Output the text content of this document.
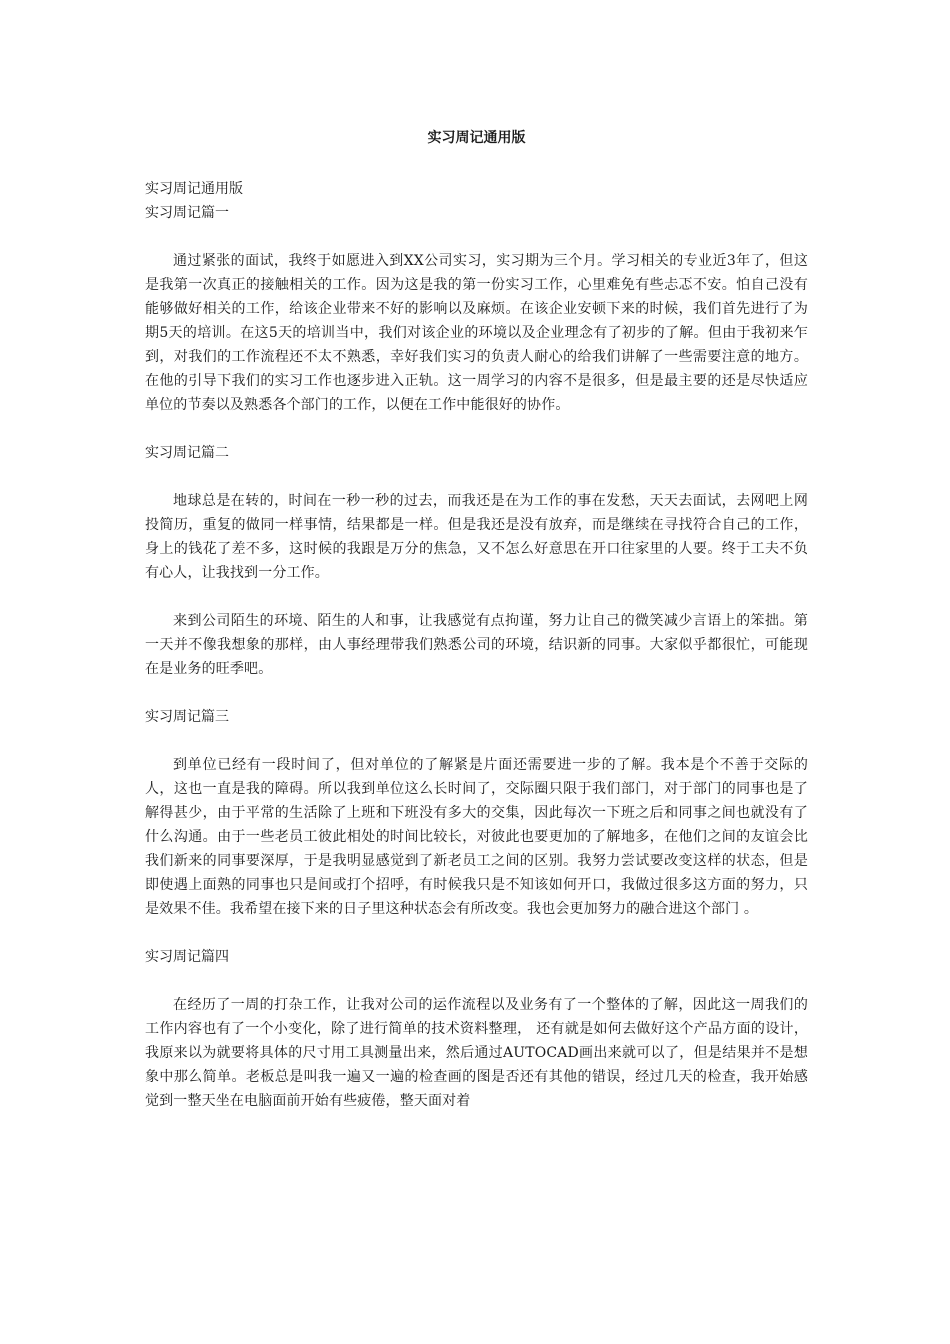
实习周记通用版

实习周记通用版

实习周记篇一

通过紧张的面试，我终于如愿进入到XX公司实习，实习期为三个月。学习相关的专业近3年了，但这是我第一次真正的接触相关的工作。因为这是我的第一份实习工作，心里难免有些忐忑不安。怕自己没有能够做好相关的工作，给该企业带来不好的影响以及麻烦。在该企业安顿下来的时候，我们首先进行了为期5天的培训。在这5天的培训当中，我们对该企业的环境以及企业理念有了初步的了解。但由于我初来乍到，对我们的工作流程还不太不熟悉，幸好我们实习的负责人耐心的给我们讲解了一些需要注意的地方。在他的引导下我们的实习工作也逐步进入正轨。这一周学习的内容不是很多，但是最主要的还是尽快适应单位的节奏以及熟悉各个部门的工作，以便在工作中能很好的协作。

实习周记篇二

地球总是在转的，时间在一秒一秒的过去，而我还是在为工作的事在发愁，天天去面试，去网吧上网投简历，重复的做同一样事情，结果都是一样。但是我还是没有放弃，而是继续在寻找符合自己的工作，身上的钱花了差不多，这时候的我跟是万分的焦急，又不怎么好意思在开口往家里的人要。终于工夫不负有心人，让我找到一分工作。

来到公司陌生的环境、陌生的人和事，让我感觉有点拘谨，努力让自己的微笑减少言语上的笨拙。第一天并不像我想象的那样，由人事经理带我们熟悉公司的环境，结识新的同事。大家似乎都很忙，可能现在是业务的旺季吧。

实习周记篇三

到单位已经有一段时间了，但对单位的了解紧是片面还需要进一步的了解。我本是个不善于交际的人，这也一直是我的障碍。所以我到单位这么长时间了，交际圈只限于我们部门，对于部门的同事也是了解得甚少，由于平常的生活除了上班和下班没有多大的交集，因此每次一下班之后和同事之间也就没有了什么沟通。由于一些老员工彼此相处的时间比较长，对彼此也要更加的了解地多，在他们之间的友谊会比我们新来的同事要深厚，于是我明显感觉到了新老员工之间的区别。我努力尝试要改变这样的状态，但是即使遇上面熟的同事也只是间或打个招呼，有时候我只是不知该如何开口，我做过很多这方面的努力，只是效果不佳。我希望在接下来的日子里这种状态会有所改变。我也会更加努力的融合进这个部门 。

实习周记篇四

在经历了一周的打杂工作，让我对公司的运作流程以及业务有了一个整体的了解，因此这一周我们的工作内容也有了一个小变化，除了进行简单的技术资料整理， 还有就是如何去做好这个产品方面的设计，我原来以为就要将具体的尺寸用工具测量出来，然后通过AUTOCAD画出来就可以了，但是结果并不是想象中那么简单。老板总是叫我一遍又一遍的检查画的图是否还有其他的错误，经过几天的检查，我开始感觉到一整天坐在电脑面前开始有些疲倦，整天面对着
